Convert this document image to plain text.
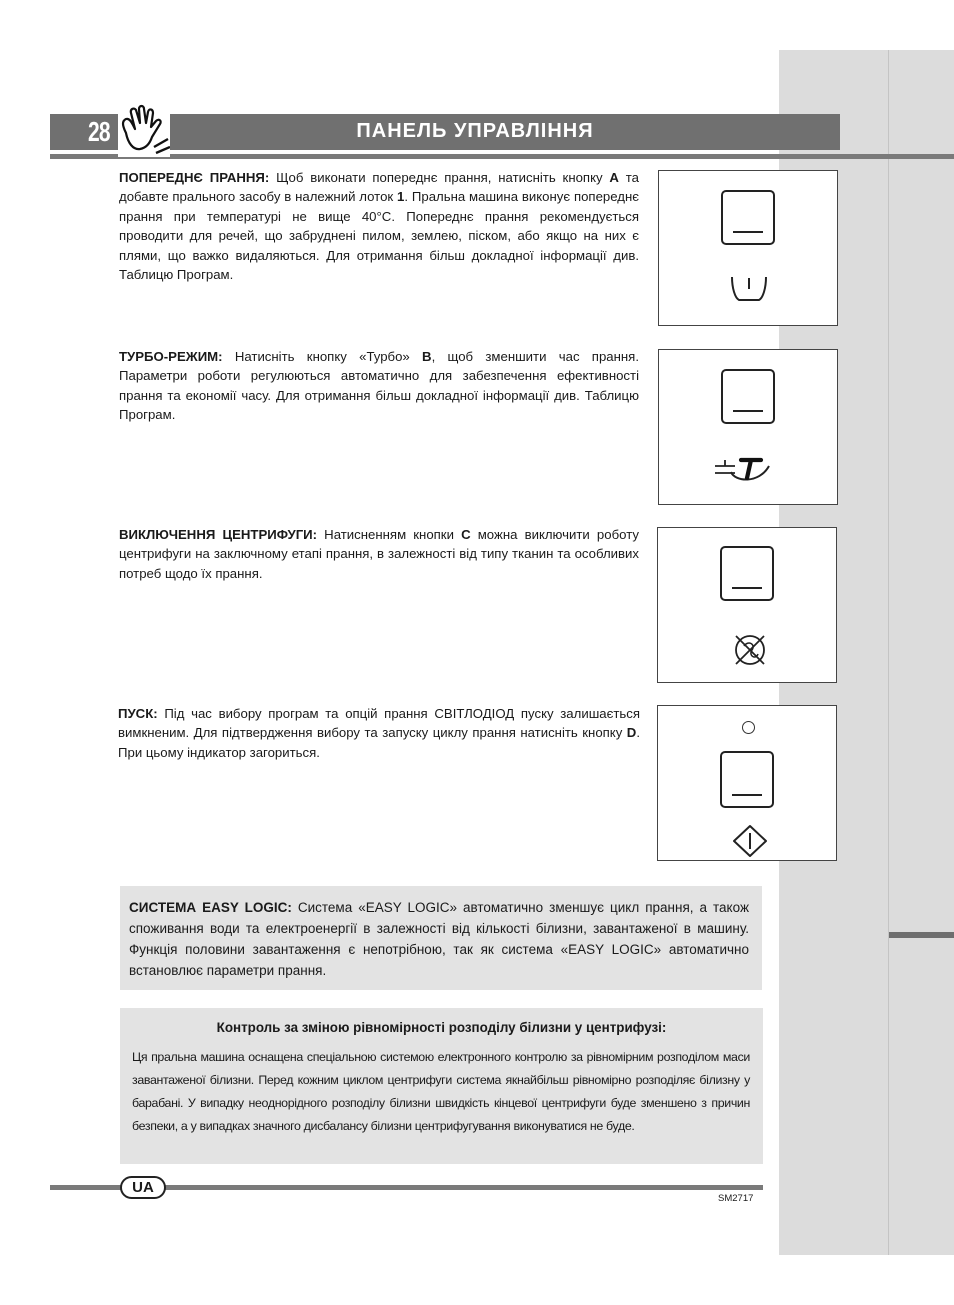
28	ПАНЕЛЬ УПРАВЛІННЯ
ПОПЕРЕДНЄ ПРАННЯ: Щоб виконати попереднє прання, натисніть кнопку A та добавте прального засобу в належний лоток 1. Пральна машина виконує попереднє прання при температурі не вище 40°С. Попереднє прання рекомендується проводити для речей, що забруднені пилом, землею, піском, або якщо на них є плями, що важко видаляються. Для отримання більш докладної інформації див. Таблицю Програм.
ТУРБО-РЕЖИМ: Натисніть кнопку «Турбо» B, щоб зменшити час прання. Параметри роботи регулюються автоматично для забезпечення ефективності прання та економії часу. Для отримання більш докладної інформації див. Таблицю Програм.
ВИКЛЮЧЕННЯ ЦЕНТРИФУГИ: Натисненням кнопки C можна виключити роботу центрифуги на заключному етапі прання, в залежності від типу тканин та особливих потреб щодо їх прання.
ПУСК: Під час вибору програм та опцій прання СВІТЛОДІОД пуску залишається вимкненим. Для підтвердження вибору та запуску циклу прання натисніть кнопку D. При цьому індикатор загориться.
СИСТЕМА EASY LOGIC: Система «EASY LOGIC» автоматично зменшує цикл прання, а також споживання води та електроенергії в залежності від кількості білизни, завантаженої в машину. Функція половини завантаження є непотрібною, так як система «EASY LOGIC» автоматично встановлює параметри прання.
Контроль за зміною рівномірності розподілу білизни у центрифузі:
Ця пральна машина оснащена спеціальною системою електронного контролю за рівномірним розподілом маси завантаженої білизни. Перед кожним циклом центрифуги система якнайбільш рівномірно розподіляє білизну у барабані. У випадку неоднорідного розподілу білизни швидкість кінцевої центрифуги буде зменшено з причин безпеки, а у випадках значного дисбалансу білизни центрифугування виконуватися не буде.
UA
SM2717
